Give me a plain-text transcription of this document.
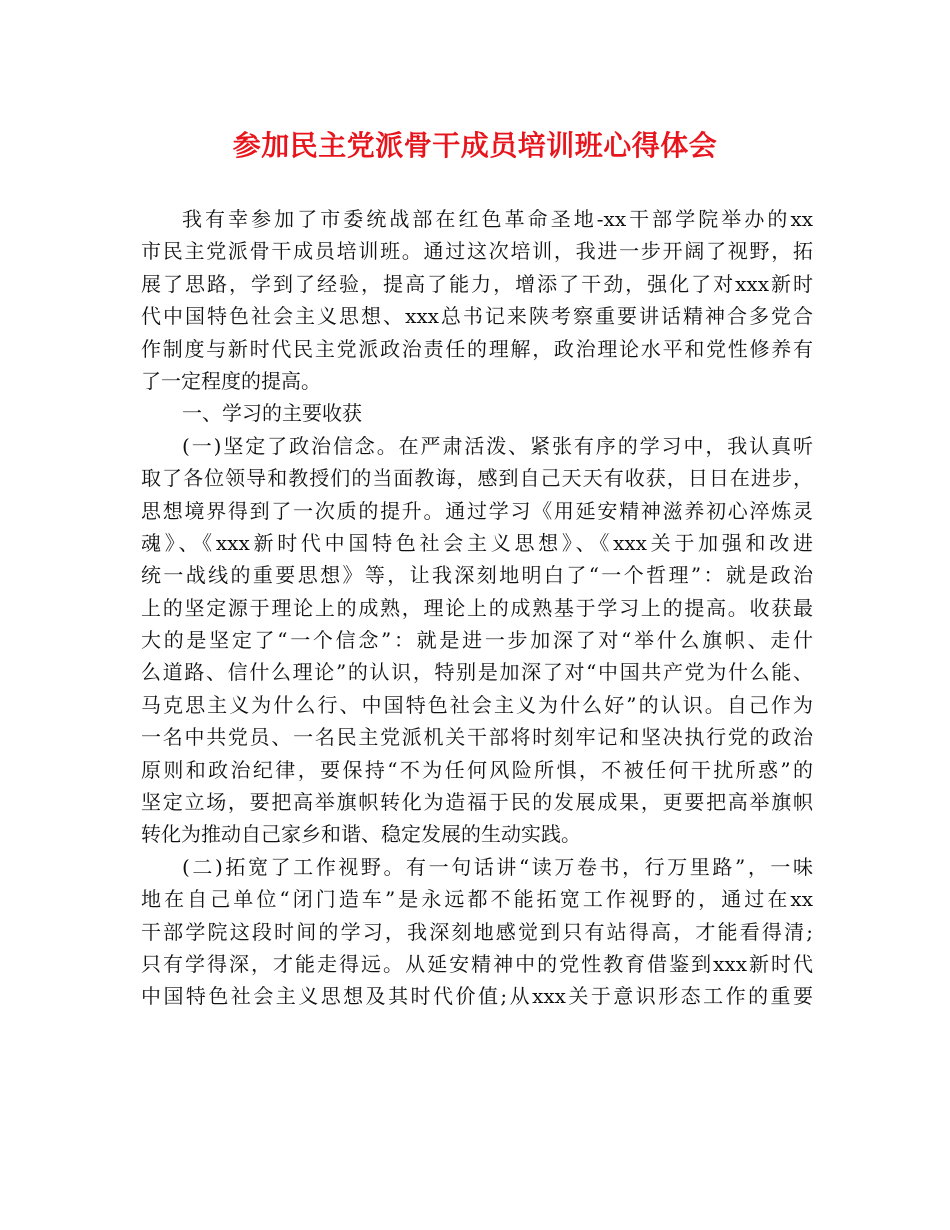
参加民主党派骨干成员培训班心得体会
我有幸参加了市委统战部在红色革命圣地-xx干部学院举办的xx
市民主党派骨干成员培训班。通过这次培训，我进一步开阔了视野，拓
展了思路，学到了经验，提高了能力，增添了干劲，强化了对xxx新时
代中国特色社会主义思想、xxx总书记来陕考察重要讲话精神合多党合
作制度与新时代民主党派政治责任的理解，政治理论水平和党性修养有
了一定程度的提高。
一、学习的主要收获
(一)坚定了政治信念。在严肃活泼、紧张有序的学习中，我认真听
取了各位领导和教授们的当面教诲，感到自己天天有收获，日日在进步，
思想境界得到了一次质的提升。通过学习《用延安精神滋养初心淬炼灵
魂》、《xxx新时代中国特色社会主义思想》、《xxx关于加强和改进
统一战线的重要思想》等，让我深刻地明白了“一个哲理”：就是政治
上的坚定源于理论上的成熟，理论上的成熟基于学习上的提高。收获最
大的是坚定了“一个信念”：就是进一步加深了对“举什么旗帜、走什
么道路、信什么理论”的认识，特别是加深了对“中国共产党为什么能、
马克思主义为什么行、中国特色社会主义为什么好”的认识。自己作为
一名中共党员、一名民主党派机关干部将时刻牢记和坚决执行党的政治
原则和政治纪律，要保持“不为任何风险所惧，不被任何干扰所惑”的
坚定立场，要把高举旗帜转化为造福于民的发展成果，更要把高举旗帜
转化为推动自己家乡和谐、稳定发展的生动实践。
(二)拓宽了工作视野。有一句话讲“读万卷书，行万里路”，一味
地在自己单位“闭门造车”是永远都不能拓宽工作视野的，通过在xx
干部学院这段时间的学习，我深刻地感觉到只有站得高，才能看得清;
只有学得深，才能走得远。从延安精神中的党性教育借鉴到xxx新时代
中国特色社会主义思想及其时代价值;从xxx关于意识形态工作的重要
